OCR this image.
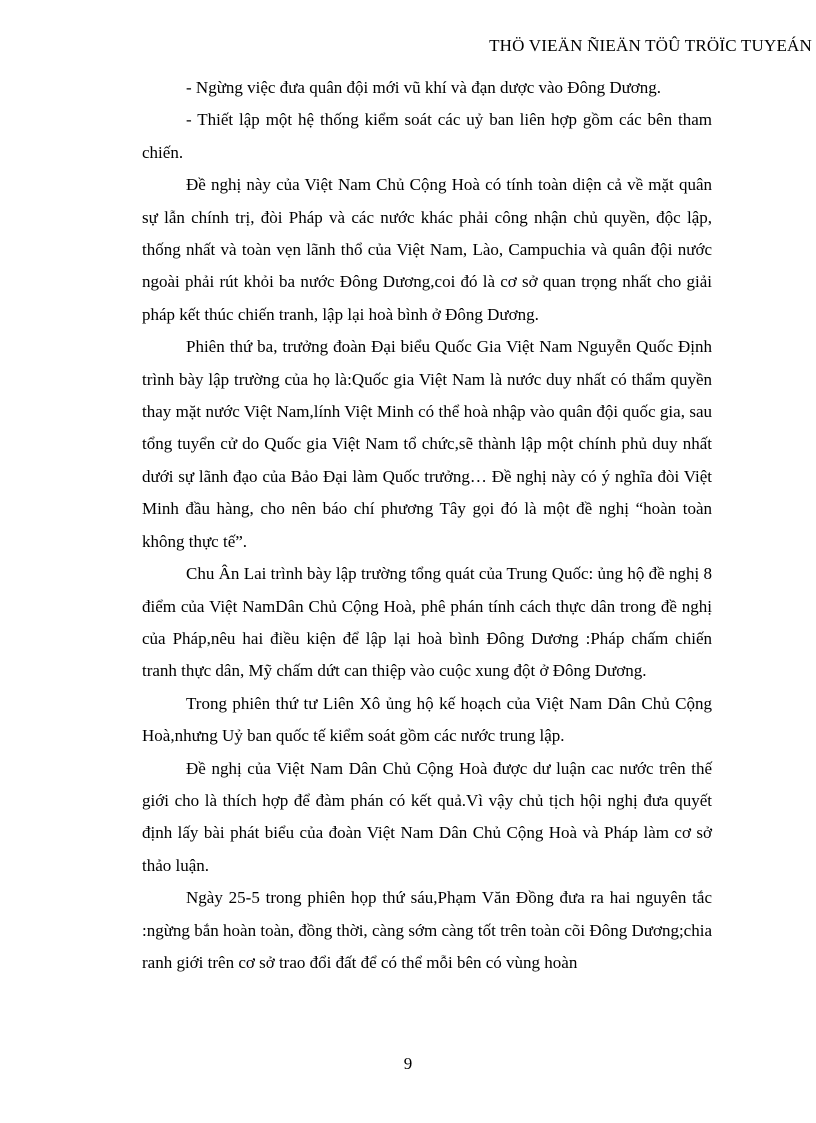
THÖ VIEÄN ÑIEÄN TÖÛ TRÖÏC TUYEÁN

- Ngừng việc đưa quân đội mới vũ khí và đạn dược vào Đông Dương.

- Thiết lập một hệ thống kiểm soát các uỷ ban liên hợp gồm các bên tham chiến.

Đề nghị này của Việt Nam Chủ Cộng Hoà có tính toàn diện cả về mặt quân sự lẫn chính trị, đòi Pháp và các nước khác phải công nhận chủ quyền, độc lập, thống nhất và toàn vẹn lãnh thổ của Việt Nam, Lào, Campuchia và quân đội nước ngoài phải rút khỏi ba nước Đông Dương,coi đó là cơ sở quan trọng nhất cho giải pháp kết thúc chiến tranh, lập lại hoà bình ở Đông Dương.

Phiên thứ ba, trưởng đoàn Đại biểu Quốc Gia Việt Nam Nguyễn Quốc Định trình bày lập trường của họ là:Quốc gia Việt Nam là nước duy nhất có thẩm quyền thay mặt nước Việt Nam,lính Việt Minh có thể hoà nhập vào quân đội quốc gia, sau tổng tuyển cử do Quốc gia Việt Nam tổ chức,sẽ thành lập một chính phủ duy nhất dưới sự lãnh đạo của Bảo Đại làm Quốc trưởng… Đề nghị này có ý nghĩa đòi Việt Minh đầu hàng, cho nên báo chí phương Tây gọi đó là một đề nghị “hoàn toàn không thực tế”.

Chu Ân Lai trình bày lập trường tổng quát của Trung Quốc: ủng hộ đề nghị 8 điểm của Việt NamDân Chủ Cộng Hoà, phê phán tính cách thực dân trong đề nghị của Pháp,nêu hai điều kiện để lập lại hoà bình Đông Dương :Pháp chấm chiến tranh thực dân, Mỹ chấm dứt can thiệp vào cuộc xung đột ở Đông Dương.

Trong phiên thứ tư Liên Xô ủng hộ kế hoạch của Việt Nam Dân Chủ Cộng Hoà,nhưng Uỷ ban quốc tế kiểm soát gồm các nước trung lập.

Đề nghị của Việt Nam Dân Chủ Cộng Hoà được dư luận cac nước trên thế giới cho là thích hợp để đàm phán có kết quả.Vì vậy chủ tịch hội nghị đưa quyết định lấy bài phát biểu của đoàn Việt Nam Dân Chủ Cộng Hoà và Pháp làm cơ sở thảo luận.

Ngày 25-5 trong phiên họp thứ sáu,Phạm Văn Đồng đưa ra hai nguyên tắc :ngừng bắn hoàn toàn, đồng thời, càng sớm càng tốt trên toàn cõi Đông Dương;chia ranh giới trên cơ sở trao đổi đất để có thể mỗi bên có vùng hoàn

9
